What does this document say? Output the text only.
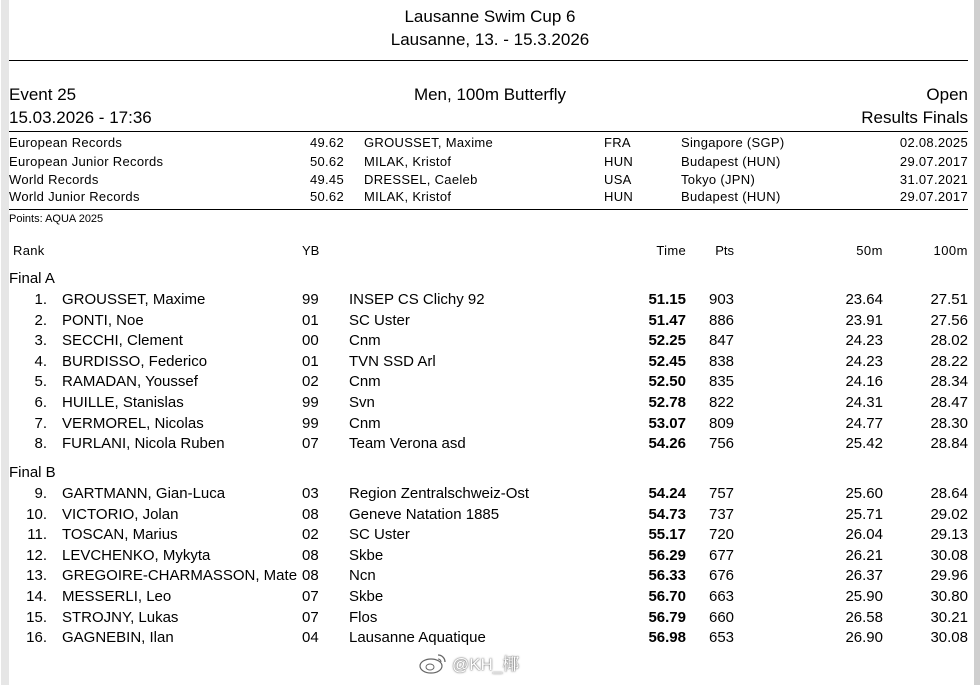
Lausanne Swim Cup 6
Lausanne, 13. - 15.3.2026
Event 25	Men, 100m Butterfly	Open
15.03.2026 - 17:36	Results Finals
European Records	49.62 GROUSSET, Maxime	FRA	Singapore (SGP)	02.08.2025
European Junior Records	50.62 MILAK, Kristof	HUN	Budapest (HUN)	29.07.2017
World Records	49.45 DRESSEL, Caeleb	USA	Tokyo (JPN)	31.07.2021
World Junior Records	50.62 MILAK, Kristof	HUN	Budapest (HUN)	29.07.2017
Points: AQUA 2025
Rank	YB	Time Pts	50m	100m
Final A
1. GROUSSET, Maxime	99 INSEP CS Clichy 92	51.15 903	23.64	27.51
2. PONTI, Noe	01 SC Uster	51.47 886	23.91	27.56
3. SECCHI, Clement	00 Cnm	52.25 847	24.23	28.02
4. BURDISSO, Federico	01 TVN SSD Arl	52.45 838	24.23	28.22
5. RAMADAN, Youssef	02 Cnm	52.50 835	24.16	28.34
6. HUILLE, Stanislas	99 Svn	52.78 822	24.31	28.47
7. VERMOREL, Nicolas	99 Cnm	53.07 809	24.77	28.30
8. FURLANI, Nicola Ruben	07 Team Verona asd	54.26 756	25.42	28.84
Final B
9. GARTMANN, Gian-Luca	03 Region Zentralschweiz-Ost	54.24 757	25.60	28.64
10. VICTORIO, Jolan	08 Geneve Natation 1885	54.73 737	25.71	29.02
11. TOSCAN, Marius	02 SC Uster	55.17 720	26.04	29.13
12. LEVCHENKO, Mykyta	08 Skbe	56.29 677	26.21	30.08
13. GREGOIRE-CHARMASSON, Mate 08 Ncn	56.33 676	26.37	29.96
14. MESSERLI, Leo	07 Skbe	56.70 663	25.90	30.80
15. STROJNY, Lukas	07 Flos	56.79 660	26.58	30.21
16. GAGNEBIN, Ilan	04 Lausanne Aquatique	56.98 653	26.90	30.08
@KH_椰
